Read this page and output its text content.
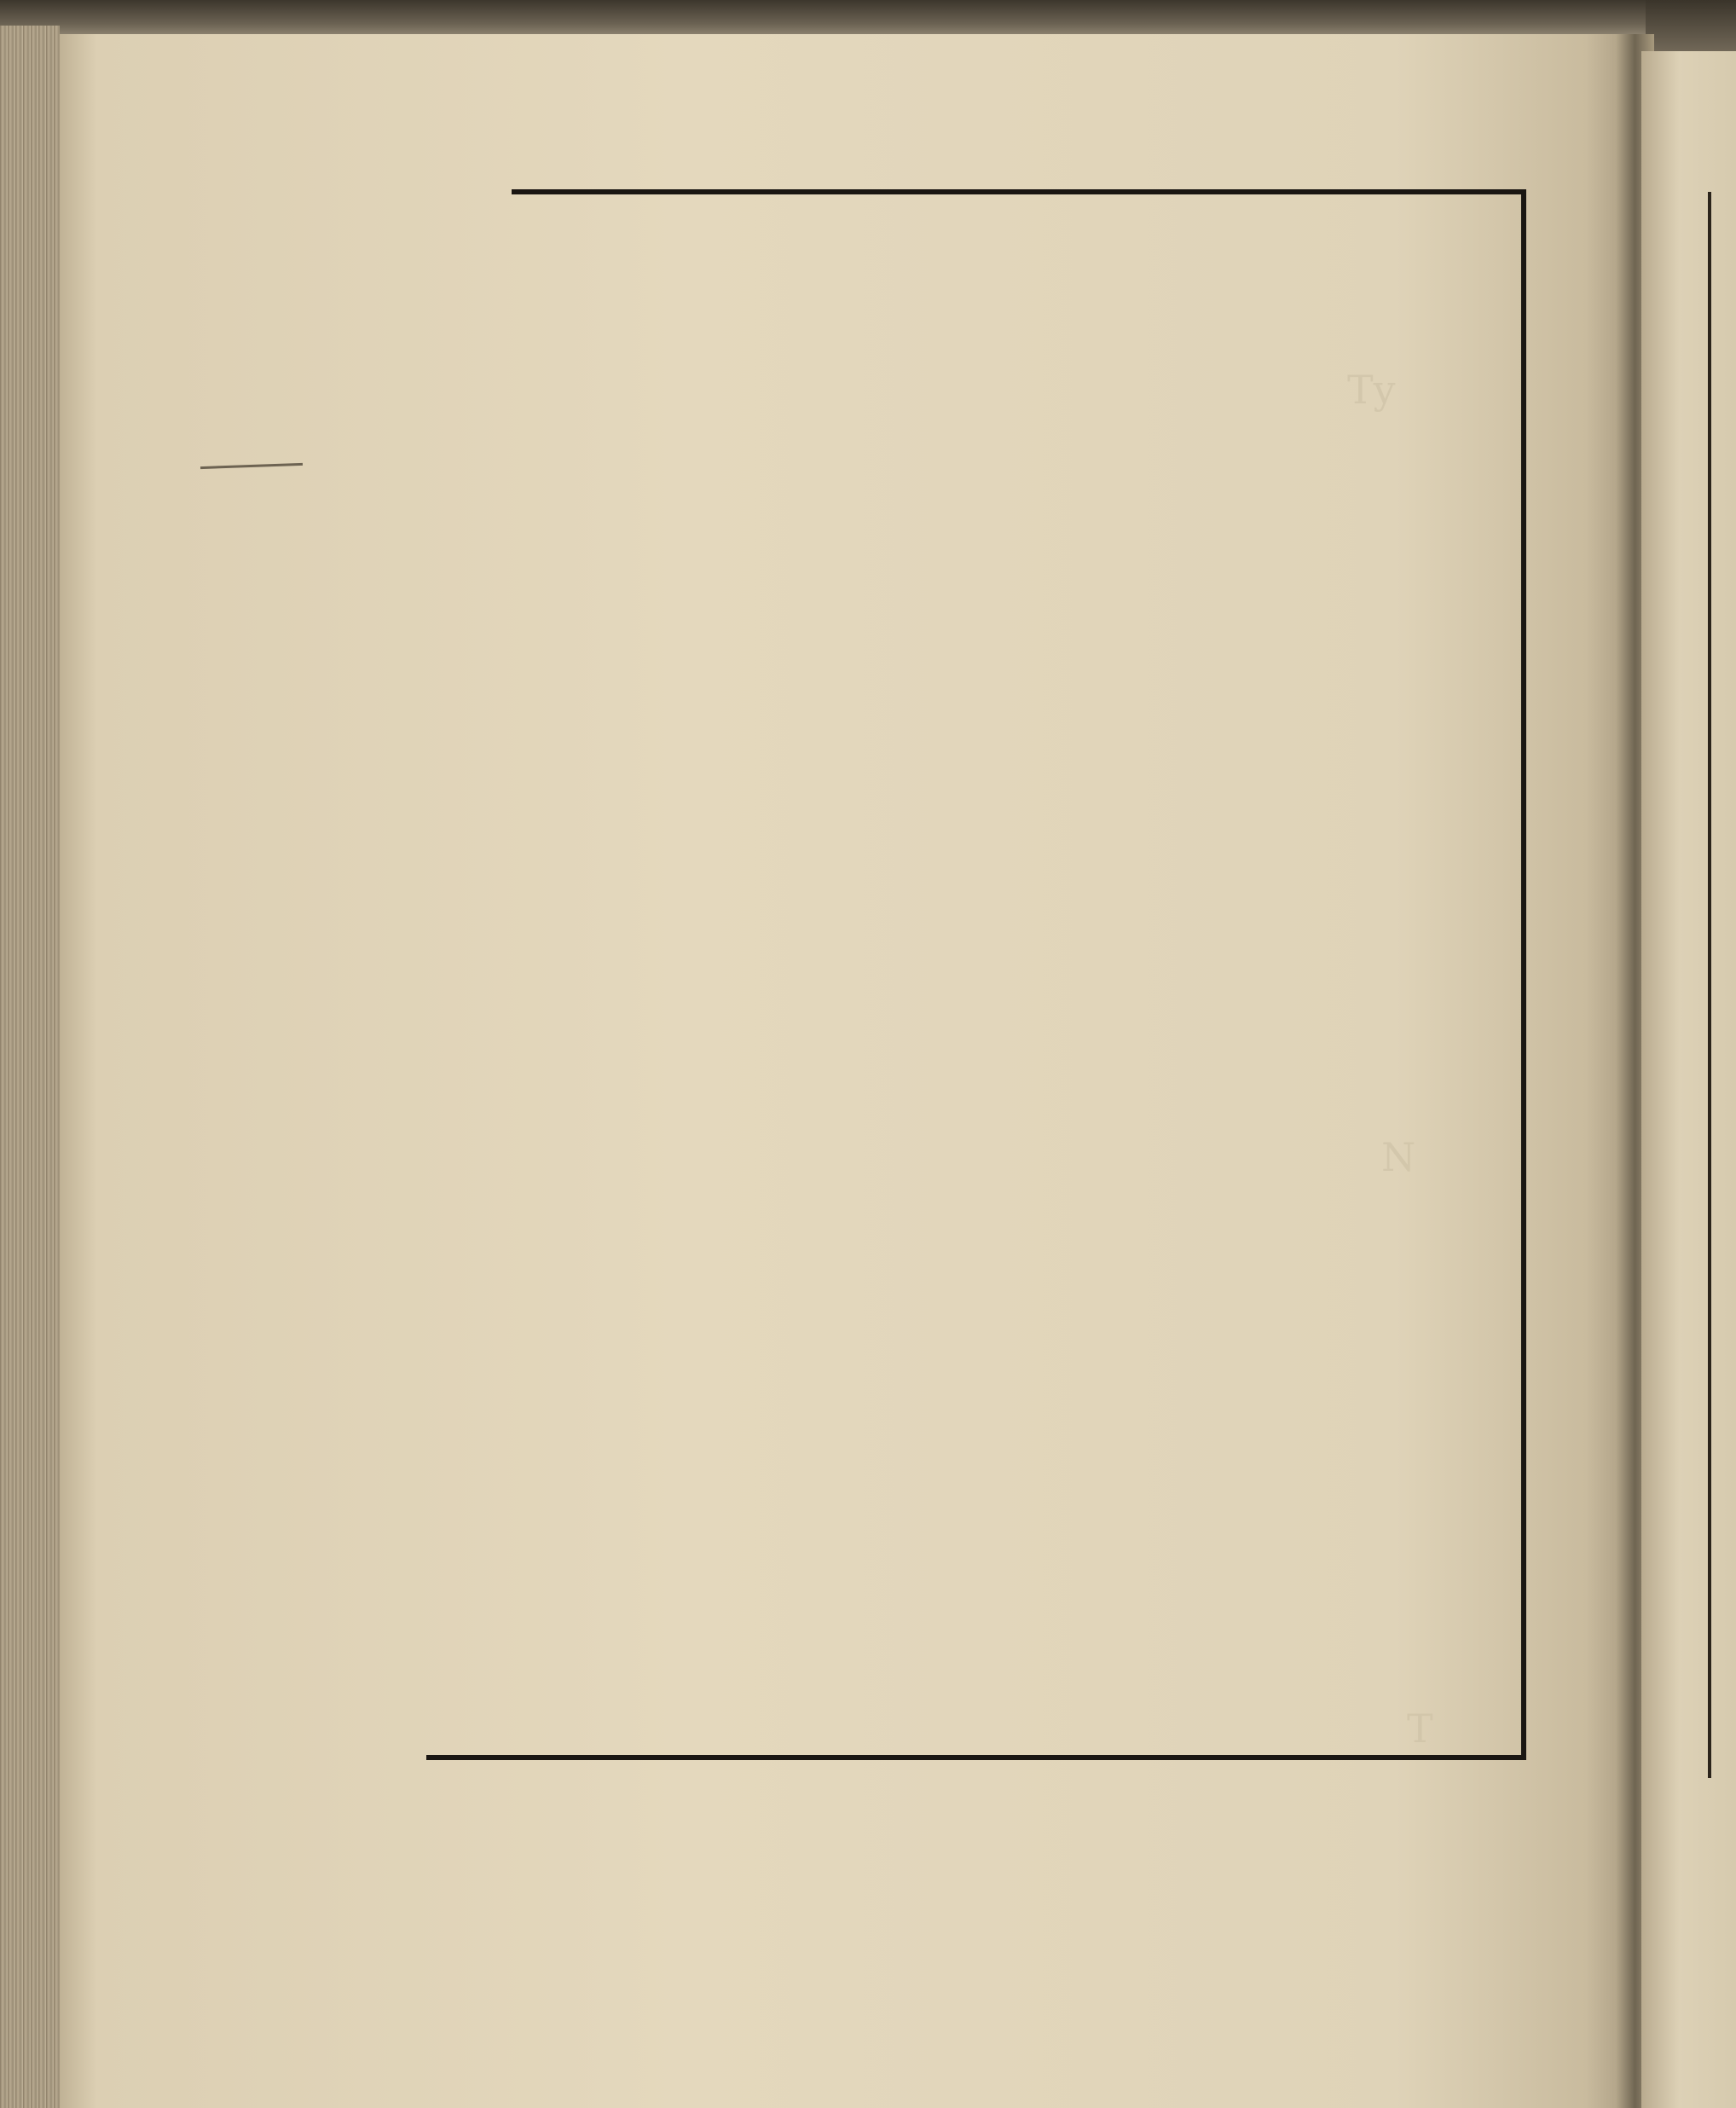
Ty
N
T
